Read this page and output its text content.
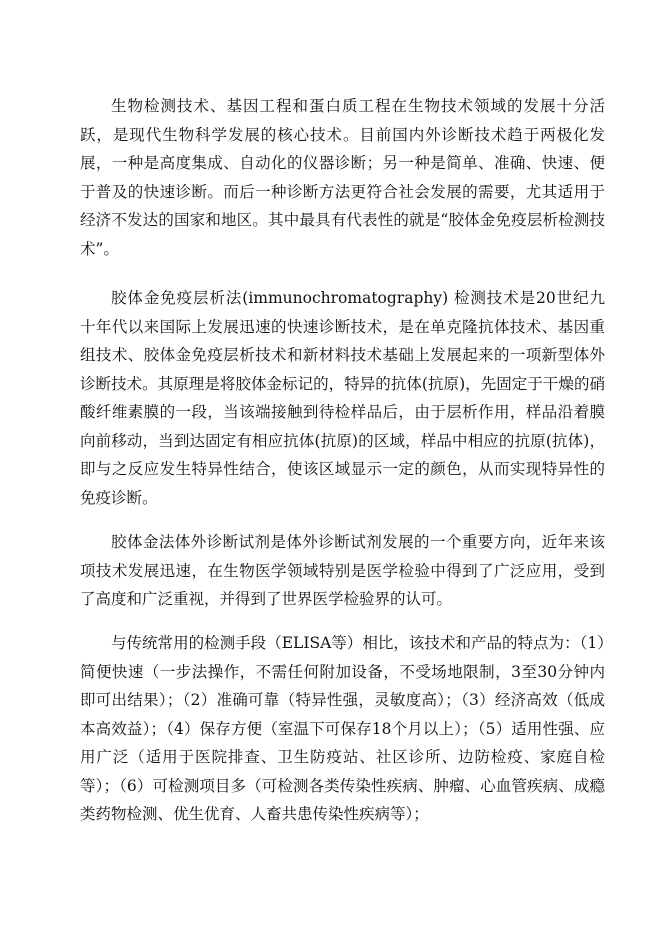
生物检测技术、基因工程和蛋白质工程在生物技术领域的发展十分活跃，是现代生物科学发展的核心技术。目前国内外诊断技术趋于两极化发展，一种是高度集成、自动化的仪器诊断；另一种是简单、准确、快速、便于普及的快速诊断。而后一种诊断方法更符合社会发展的需要，尤其适用于经济不发达的国家和地区。其中最具有代表性的就是“胶体金免疫层析检测技术”。

胶体金免疫层析法(immunochromatography) 检测技术是20世纪九十年代以来国际上发展迅速的快速诊断技术，是在单克隆抗体技术、基因重组技术、胶体金免疫层析技术和新材料技术基础上发展起来的一项新型体外诊断技术。其原理是将胶体金标记的，特异的抗体(抗原)，先固定于干燥的硝酸纤维素膜的一段，当该端接触到待检样品后，由于层析作用，样品沿着膜向前移动，当到达固定有相应抗体(抗原)的区域，样品中相应的抗原(抗体)，即与之反应发生特异性结合，使该区域显示一定的颜色，从而实现特异性的免疫诊断。

胶体金法体外诊断试剂是体外诊断试剂发展的一个重要方向，近年来该项技术发展迅速，在生物医学领域特别是医学检验中得到了广泛应用，受到了高度和广泛重视，并得到了世界医学检验界的认可。

与传统常用的检测手段（ELISA等）相比，该技术和产品的特点为：（1）简便快速（一步法操作，不需任何附加设备，不受场地限制，3至30分钟内即可出结果）；（2）准确可靠（特异性强，灵敏度高）；（3）经济高效（低成本高效益）；（4）保存方便（室温下可保存18个月以上）；（5）适用性强、应用广泛（适用于医院排查、卫生防疫站、社区诊所、边防检疫、家庭自检等）；（6）可检测项目多（可检测各类传染性疾病、肿瘤、心血管疾病、成瘾类药物检测、优生优育、人畜共患传染性疾病等）；
